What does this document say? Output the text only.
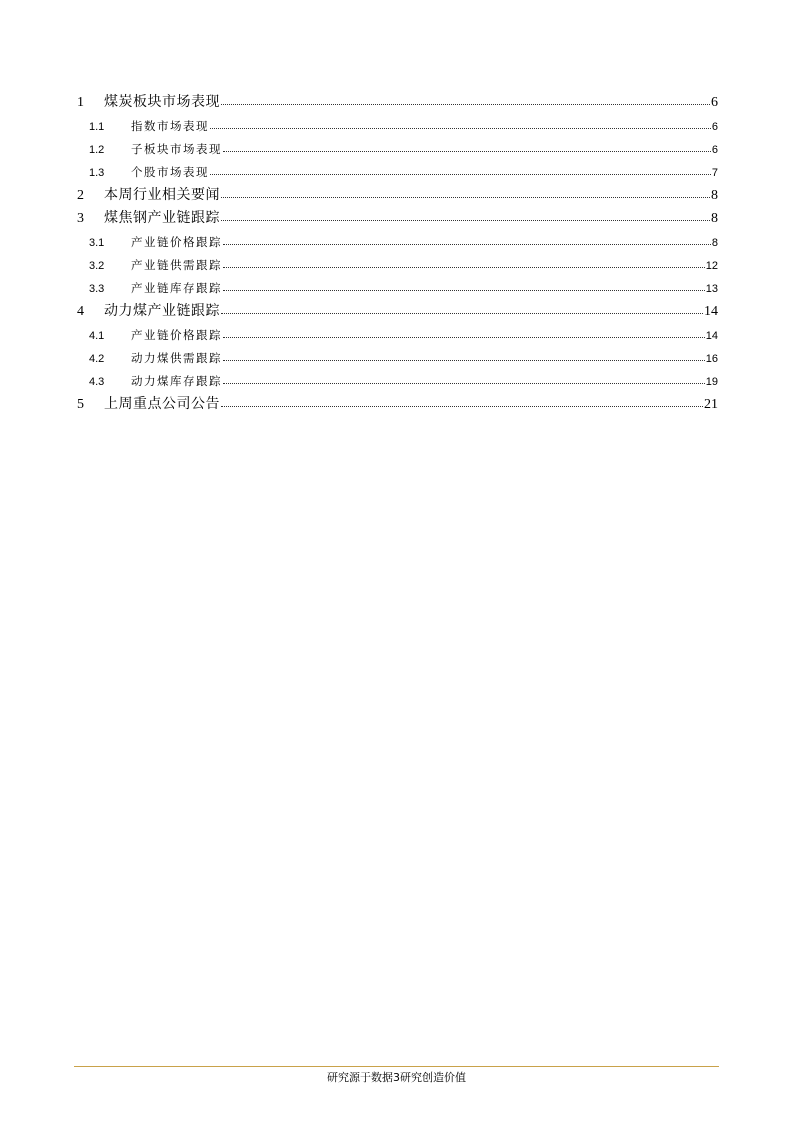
1	煤炭板块市场表现	6
1.1	指数市场表现	6
1.2	子板块市场表现	6
1.3	个股市场表现	7
2	本周行业相关要闻	8
3	煤焦钢产业链跟踪	8
3.1	产业链价格跟踪	8
3.2	产业链供需跟踪	12
3.3	产业链库存跟踪	13
4	动力煤产业链跟踪	14
4.1	产业链价格跟踪	14
4.2	动力煤供需跟踪	16
4.3	动力煤库存跟踪	19
5	上周重点公司公告	21
研究源于数据3研究创造价值
